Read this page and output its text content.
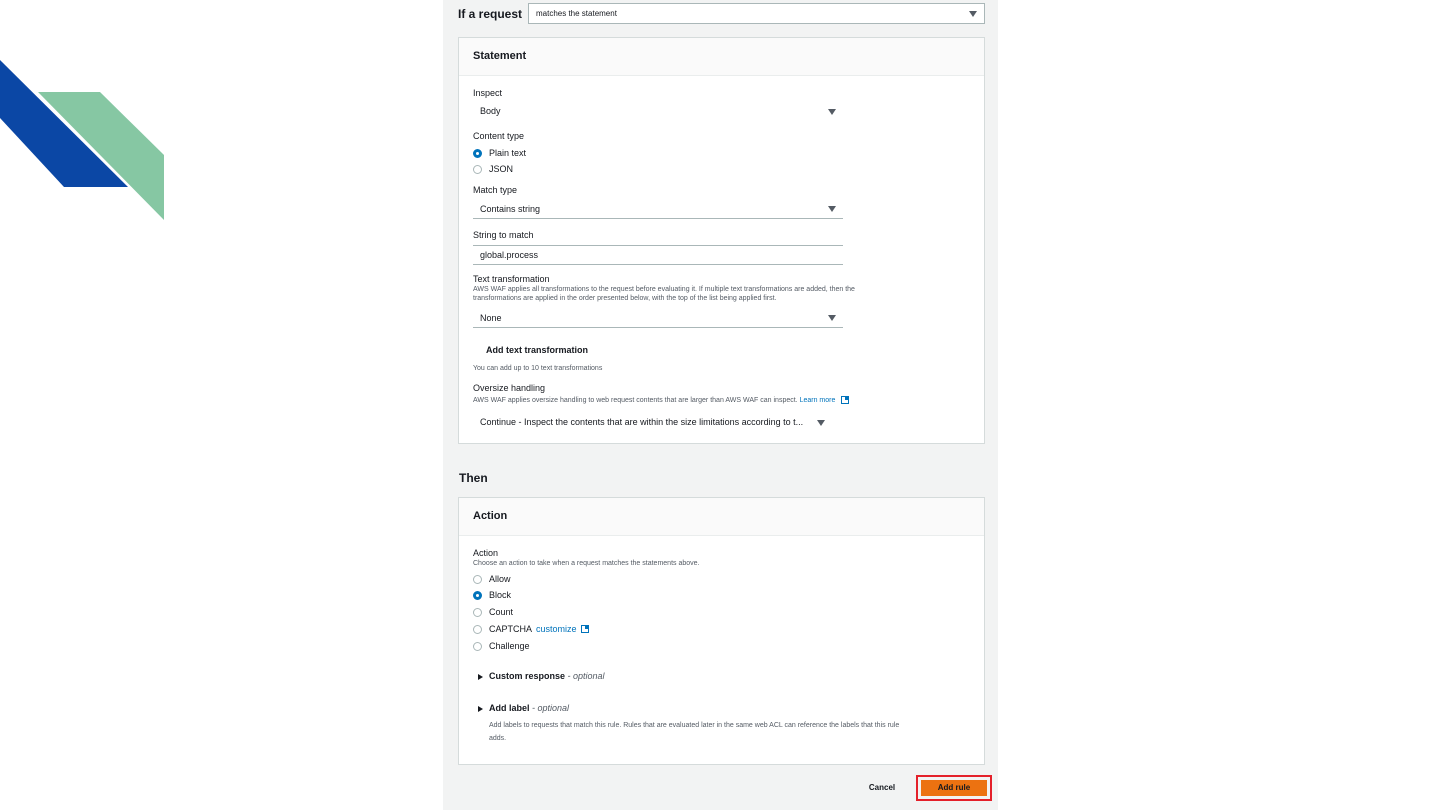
If a request	matches the statement
Statement
Inspect
Body
Content type
Plain text
JSON
Match type
Contains string
String to match
global.process
Text transformation
AWS WAF applies all transformations to the request before evaluating it. If multiple text transformations are added, then the
transformations are applied in the order presented below, with the top of the list being applied first.
None
Add text transformation
You can add up to 10 text transformations
Oversize handling
AWS WAF applies oversize handling to web request contents that are larger than AWS WAF can inspect. Learn more
Continue - Inspect the contents that are within the size limitations according to t...
Then
Action
Action
Choose an action to take when a request matches the statements above.
Allow
Block
Count
CAPTCHA customize
Challenge
Custom response - optional
Add label - optional
Add labels to requests that match this rule. Rules that are evaluated later in the same web ACL can reference the labels that this rule
adds.
Cancel	Add rule
